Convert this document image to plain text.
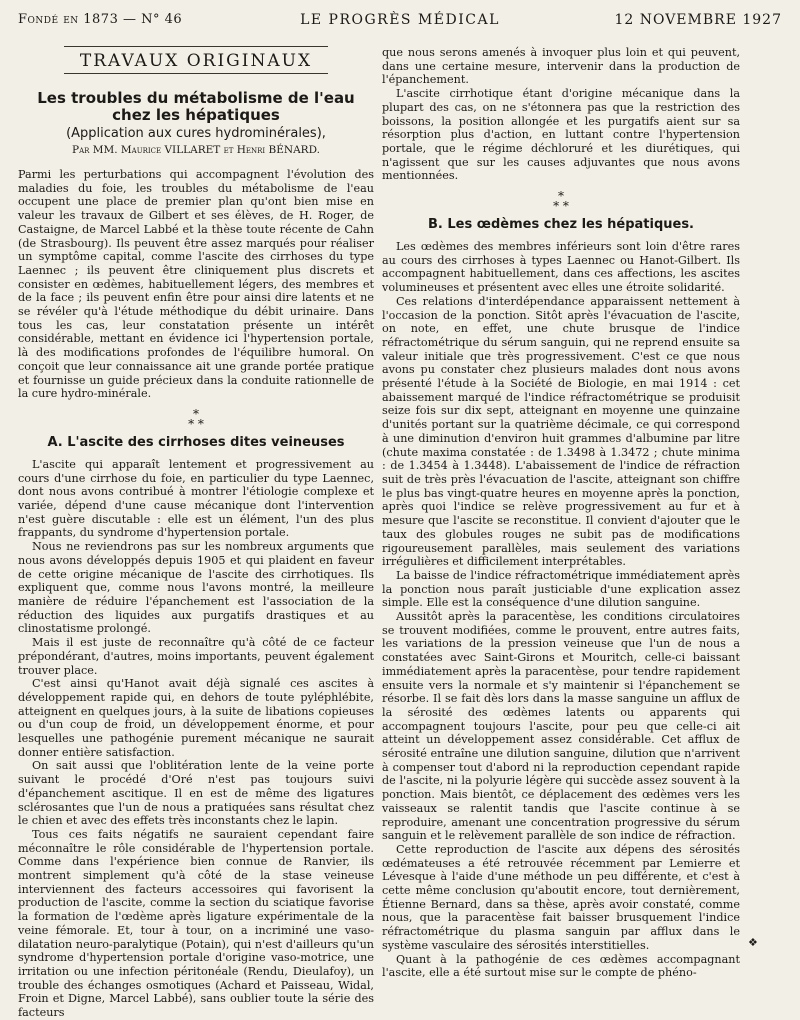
Fondé en 1873 — N° 46	LE PROGRÈS MÉDICAL	12 NOVEMBRE 1927
TRAVAUX ORIGINAUX
Les troubles du métabolisme de l'eau
chez les hépatiques
(Application aux cures hydrominérales),
Par MM. Maurice VILLARET et Henri BÉNARD.

Parmi les perturbations qui accompagnent l'évolution des maladies du foie, les troubles du métabolisme de l'eau occupent une place de premier plan qu'ont bien mise en valeur les travaux de Gilbert et ses élèves, de H. Roger, de Castaigne, de Marcel Labbé et la thèse toute récente de Cahn (de Strasbourg). Ils peuvent être assez marqués pour réaliser un symptôme capital, comme l'ascite des cirrhoses du type Laennec ; ils peuvent être cliniquement plus discrets et consister en œdèmes, habituellement légers, des membres et de la face ; ils peuvent enfin être pour ainsi dire latents et ne se révéler qu'à l'étude méthodique du débit urinaire. Dans tous les cas, leur constatation présente un intérêt considérable, mettant en évidence ici l'hypertension portale, là des modifications profondes de l'équilibre humoral. On conçoit que leur connaissance ait une grande portée pratique et fournisse un guide précieux dans la conduite rationnelle de la cure hydro-minérale.

*
* *
A. L'ascite des cirrhoses dites veineuses

L'ascite qui apparaît lentement et progressivement au cours d'une cirrhose du foie, en particulier du type Laennec, dont nous avons contribué à montrer l'étiologie complexe et variée, dépend d'une cause mécanique dont l'intervention n'est guère discutable : elle est un élément, l'un des plus frappants, du syndrome d'hypertension portale.

Nous ne reviendrons pas sur les nombreux arguments que nous avons développés depuis 1905 et qui plaident en faveur de cette origine mécanique de l'ascite des cirrhotiques. Ils expliquent que, comme nous l'avons montré, la meilleure manière de réduire l'épanchement est l'association de la réduction des liquides aux purgatifs drastiques et au clinostatisme prolongé.

Mais il est juste de reconnaître qu'à côté de ce facteur prépondérant, d'autres, moins importants, peuvent également trouver place.

C'est ainsi qu'Hanot avait déjà signalé ces ascites à développement rapide qui, en dehors de toute pyléphlébite, atteignent en quelques jours, à la suite de libations copieuses ou d'un coup de froid, un développement énorme, et pour lesquelles une pathogénie purement mécanique ne saurait donner entière satisfaction.

On sait aussi que l'oblitération lente de la veine porte suivant le procédé d'Oré n'est pas toujours suivi d'épanchement ascitique. Il en est de même des ligatures sclérosantes que l'un de nous a pratiquées sans résultat chez le chien et avec des effets très inconstants chez le lapin.

Tous ces faits négatifs ne sauraient cependant faire méconnaître le rôle considérable de l'hypertension portale. Comme dans l'expérience bien connue de Ranvier, ils montrent simplement qu'à côté de la stase veineuse interviennent des facteurs accessoires qui favorisent la production de l'ascite, comme la section du sciatique favorise la formation de l'œdème après ligature expérimentale de la veine fémorale. Et, tour à tour, on a incriminé une vaso-dilatation neuro-paralytique (Potain), qui n'est d'ailleurs qu'un syndrome d'hypertension portale d'origine vaso-motrice, une irritation ou une infection péritonéale (Rendu, Dieulafoy), un trouble des échanges osmotiques (Achard et Paisseau, Widal, Froin et Digne, Marcel Labbé), sans oublier toute la série des facteurs

que nous serons amenés à invoquer plus loin et qui peuvent, dans une certaine mesure, intervenir dans la production de l'épanchement.

L'ascite cirrhotique étant d'origine mécanique dans la plupart des cas, on ne s'étonnera pas que la restriction des boissons, la position allongée et les purgatifs aient sur sa résorption plus d'action, en luttant contre l'hypertension portale, que le régime déchloruré et les diurétiques, qui n'agissent que sur les causes adjuvantes que nous avons mentionnées.

*
* *
B. Les œdèmes chez les hépatiques.

Les œdèmes des membres inférieurs sont loin d'être rares au cours des cirrhoses à types Laennec ou Hanot-Gilbert. Ils accompagnent habituellement, dans ces affections, les ascites volumineuses et présentent avec elles une étroite solidarité.

Ces relations d'interdépendance apparaissent nettement à l'occasion de la ponction. Sitôt après l'évacuation de l'ascite, on note, en effet, une chute brusque de l'indice réfractométrique du sérum sanguin, qui ne reprend ensuite sa valeur initiale que très progressivement. C'est ce que nous avons pu constater chez plusieurs malades dont nous avons présenté l'étude à la Société de Biologie, en mai 1914 : cet abaissement marqué de l'indice réfractométrique se produisit seize fois sur dix sept, atteignant en moyenne une quinzaine d'unités portant sur la quatrième décimale, ce qui correspond à une diminution d'environ huit grammes d'albumine par litre (chute maxima constatée : de 1.3498 à 1.3472 ; chute minima : de 1.3454 à 1.3448). L'abaissement de l'indice de réfraction suit de très près l'évacuation de l'ascite, atteignant son chiffre le plus bas vingt-quatre heures en moyenne après la ponction, après quoi l'indice se relève progressivement au fur et à mesure que l'ascite se reconstitue. Il convient d'ajouter que le taux des globules rouges ne subit pas de modifications rigoureusement parallèles, mais seulement des variations irrégulières et difficilement interprétables.

La baisse de l'indice réfractométrique immédiatement après la ponction nous paraît justiciable d'une explication assez simple. Elle est la conséquence d'une dilution sanguine.

Aussitôt après la paracentèse, les conditions circulatoires se trouvent modifiées, comme le prouvent, entre autres faits, les variations de la pression veineuse que l'un de nous a constatées avec Saint-Girons et Mouritch, celle-ci baissant immédiatement après la paracentèse, pour tendre rapidement ensuite vers la normale et s'y maintenir si l'épanchement se résorbe. Il se fait dès lors dans la masse sanguine un afflux de la sérosité des œdèmes latents ou apparents qui accompagnent toujours l'ascite, pour peu que celle-ci ait atteint un développement assez considérable. Cet afflux de sérosité entraîne une dilution sanguine, dilution que n'arrivent à compenser tout d'abord ni la reproduction cependant rapide de l'ascite, ni la polyurie légère qui succède assez souvent à la ponction. Mais bientôt, ce déplacement des œdèmes vers les vaisseaux se ralentit tandis que l'ascite continue à se reproduire, amenant une concentration progressive du sérum sanguin et le relèvement parallèle de son indice de réfraction.

Cette reproduction de l'ascite aux dépens des sérosités œdémateuses a été retrouvée récemment par Lemierre et Lévesque à l'aide d'une méthode un peu différente, et c'est à cette même conclusion qu'aboutit encore, tout dernièrement, Étienne Bernard, dans sa thèse, après avoir constaté, comme nous, que la paracentèse fait baisser brusquement l'indice réfractométrique du plasma sanguin par afflux dans le système vasculaire des sérosités interstitielles.

Quant à la pathogénie de ces œdèmes accompagnant l'ascite, elle a été surtout mise sur le compte de phéno-

❖
